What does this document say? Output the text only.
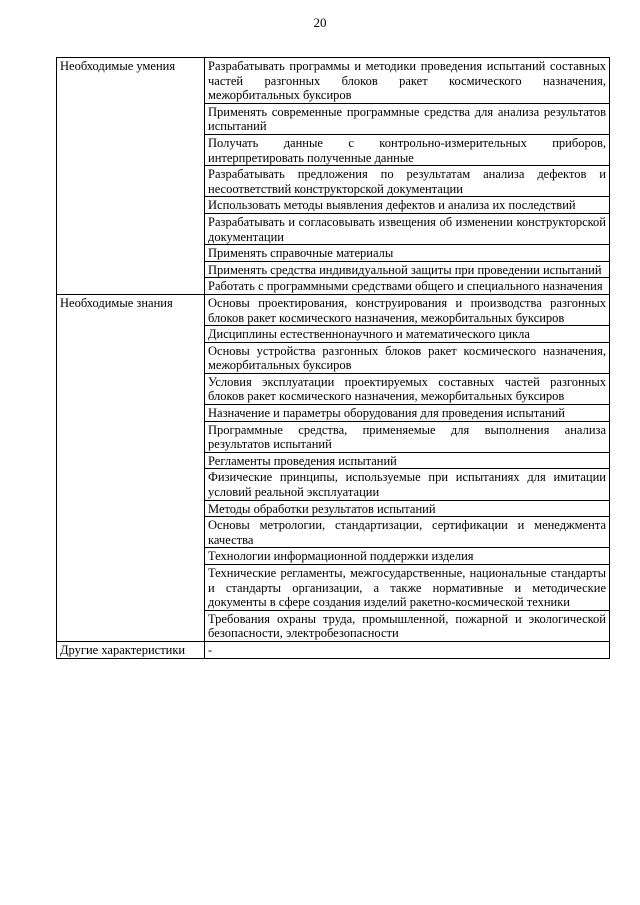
20
Необходимые умения	Разрабатывать программы и методики проведения испытаний составных частей разгонных блоков ракет космического назначения, межорбитальных буксиров
	Применять современные программные средства для анализа результатов испытаний
	Получать данные с контрольно-измерительных приборов, интерпретировать полученные данные
	Разрабатывать предложения по результатам анализа дефектов и несоответствий конструкторской документации
	Использовать методы выявления дефектов и анализа их последствий
	Разрабатывать и согласовывать извещения об изменении конструкторской документации
	Применять справочные материалы
	Применять средства индивидуальной защиты при проведении испытаний
	Работать с программными средствами общего и специального назначения
Необходимые знания	Основы проектирования, конструирования и производства разгонных блоков ракет космического назначения, межорбитальных буксиров
	Дисциплины естественнонаучного и математического цикла
	Основы устройства разгонных блоков ракет космического назначения, межорбитальных буксиров
	Условия эксплуатации проектируемых составных частей разгонных блоков ракет космического назначения, межорбитальных буксиров
	Назначение и параметры оборудования для проведения испытаний
	Программные средства, применяемые для выполнения анализа результатов испытаний
	Регламенты проведения испытаний
	Физические принципы, используемые при испытаниях для имитации условий реальной эксплуатации
	Методы обработки результатов испытаний
	Основы метрологии, стандартизации, сертификации и менеджмента качества
	Технологии информационной поддержки изделия
	Технические регламенты, межгосударственные, национальные стандарты и стандарты организации, а также нормативные и методические документы в сфере создания изделий ракетно-космической техники
	Требования охраны труда, промышленной, пожарной и экологической безопасности, электробезопасности
Другие характеристики	-
